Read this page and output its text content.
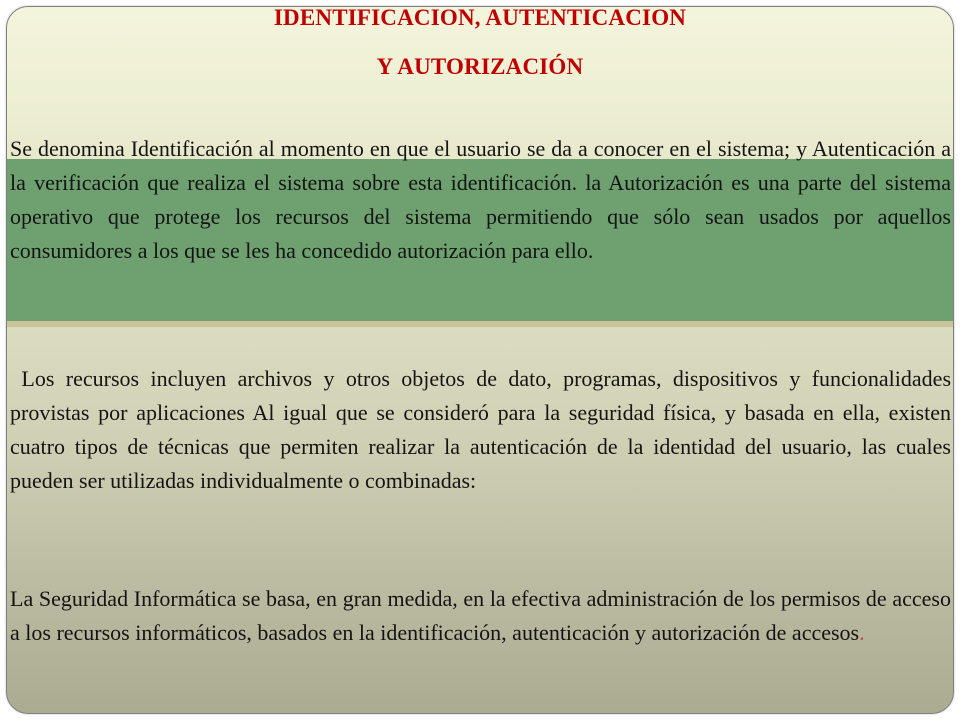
IDENTIFICACION, AUTENTICACION
Y AUTORIZACIÓN

Se denomina Identificación al momento en que el usuario se da a conocer en el sistema; y Autenticación a la verificación que realiza el sistema sobre esta identificación. la Autorización es una parte del sistema operativo que protege los recursos del sistema permitiendo que sólo sean usados por aquellos consumidores a los que se les ha concedido autorización para ello.

Los recursos incluyen archivos y otros objetos de dato, programas, dispositivos y funcionalidades provistas por aplicaciones Al igual que se consideró para la seguridad física, y basada en ella, existen cuatro tipos de técnicas que permiten realizar la autenticación de la identidad del usuario, las cuales pueden ser utilizadas individualmente o combinadas:

La Seguridad Informática se basa, en gran medida, en la efectiva administración de los permisos de acceso a los recursos informáticos, basados en la identificación, autenticación y autorización de accesos.
